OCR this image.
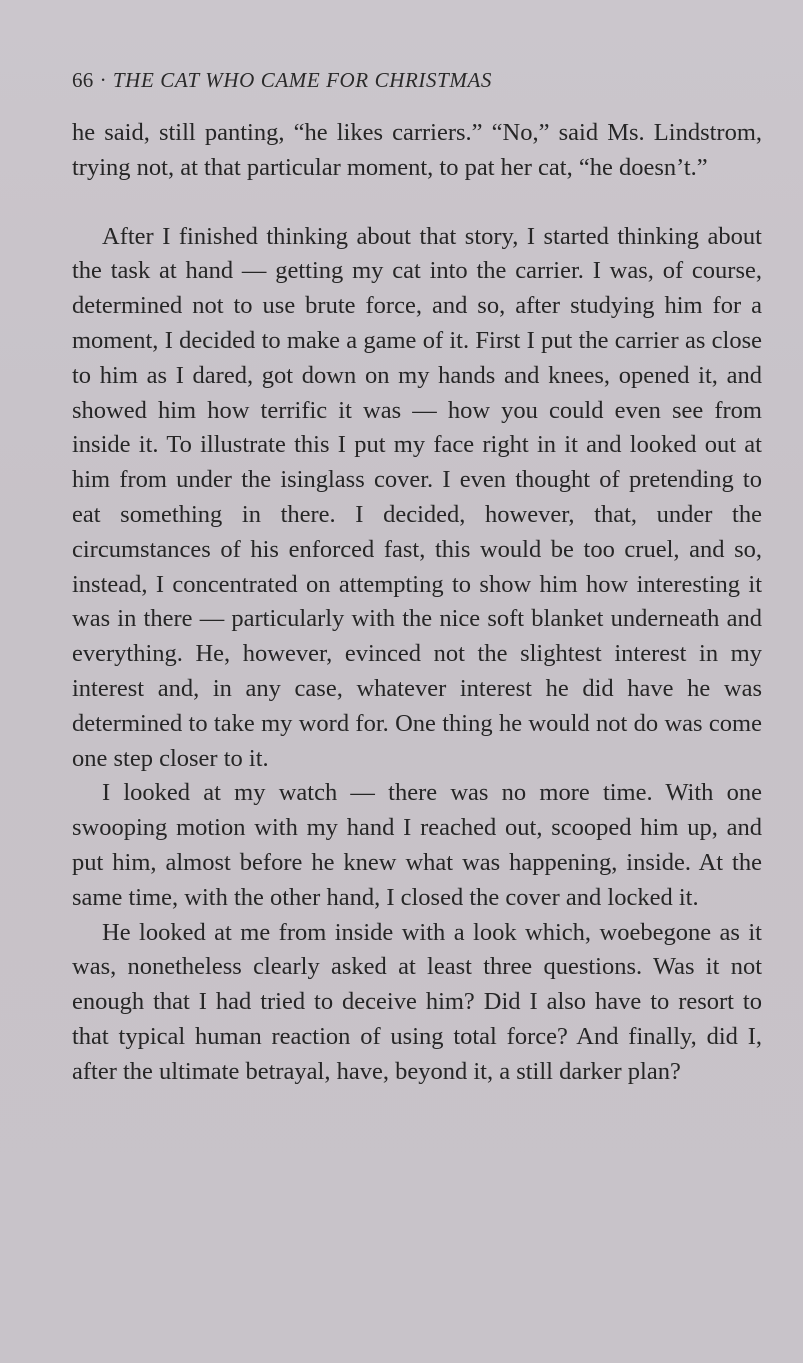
66 · THE CAT WHO CAME FOR CHRISTMAS

he said, still panting, “he likes carriers.” “No,” said Ms. Lindstrom, trying not, at that particular moment, to pat her cat, “he doesn’t.”

After I finished thinking about that story, I started thinking about the task at hand — getting my cat into the carrier. I was, of course, determined not to use brute force, and so, after studying him for a moment, I decided to make a game of it. First I put the carrier as close to him as I dared, got down on my hands and knees, opened it, and showed him how terrific it was — how you could even see from inside it. To illustrate this I put my face right in it and looked out at him from under the isinglass cover. I even thought of pretending to eat something in there. I decided, however, that, under the circumstances of his enforced fast, this would be too cruel, and so, instead, I concentrated on attempting to show him how interesting it was in there — particularly with the nice soft blanket underneath and everything. He, however, evinced not the slightest interest in my interest and, in any case, whatever interest he did have he was determined to take my word for. One thing he would not do was come one step closer to it.

I looked at my watch — there was no more time. With one swooping motion with my hand I reached out, scooped him up, and put him, almost before he knew what was happening, inside. At the same time, with the other hand, I closed the cover and locked it.

He looked at me from inside with a look which, woebegone as it was, nonetheless clearly asked at least three questions. Was it not enough that I had tried to deceive him? Did I also have to resort to that typical human reaction of using total force? And finally, did I, after the ultimate betrayal, have, beyond it, a still darker plan?
